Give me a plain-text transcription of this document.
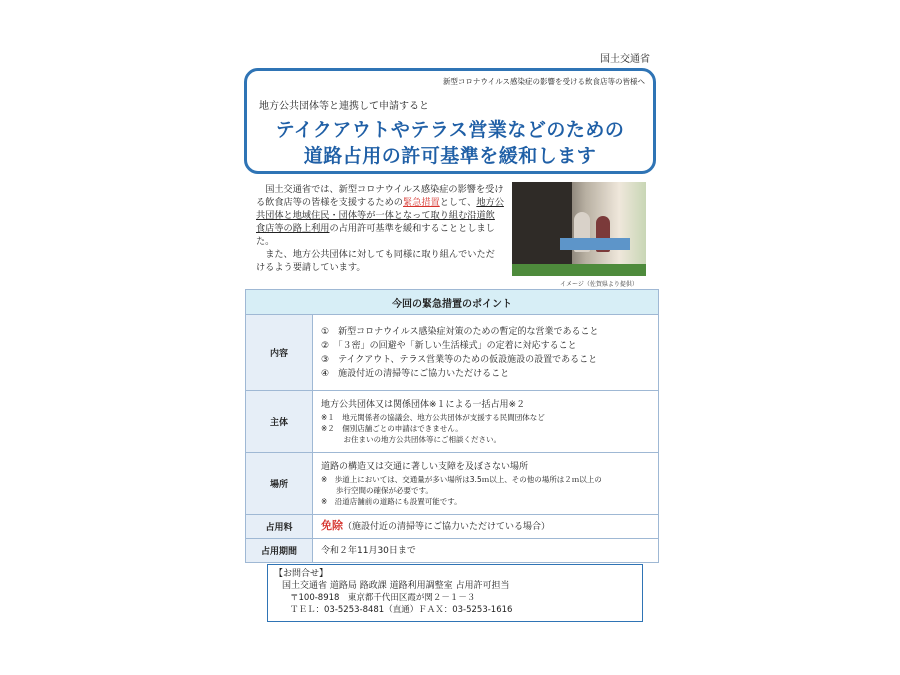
国土交通省
新型コロナウイルス感染症の影響を受ける飲食店等の皆様へ
地方公共団体等と連携して申請すると
テイクアウトやテラス営業などのための
道路占用の許可基準を緩和します

　国土交通省では、新型コロナウイルス感染症の影響を受ける飲食店等の皆様を支援するための緊急措置として、地方公共団体と地域住民・団体等が一体となって取り組む沿道飲食店等の路上利用の占用許可基準を緩和することとしました。

　また、地方公共団体に対しても同様に取り組んでいただけるよう要請しています。

イメージ（佐賀県より提供）
今回の緊急措置のポイント	
内容	①　新型コロナウイルス感染症対策のための暫定的な営業であること
②　「３密」の回避や「新しい生活様式」の定着に対応すること
③　テイクアウト、テラス営業等のための仮設施設の設置であること
④　施設付近の清掃等にご協力いただけること

主体	地方公共団体又は関係団体※１による一括占用※２
※１　地元関係者の協議会、地方公共団体が支援する民間団体など
※２　個別店舗ごとの申請はできません。
　　　お住まいの地方公共団体等にご相談ください。

場所	道路の構造又は交通に著しい支障を及ぼさない場所
※　歩道上においては、交通量が多い場所は3.5ｍ以上、その他の場所は２ｍ以上の
　　歩行空間の確保が必要です。
※　沿道店舗前の道路にも設置可能です。

占用料	免除（施設付近の清掃等にご協力いただけている場合）
占用期間	令和２年11月30日まで
【お問合せ】
国土交通省 道路局 路政課 道路利用調整室 占用許可担当
〒100-8918　東京都千代田区霞が関２－１－３
ＴＥＬ：03-5253-8481（直通）ＦＡＸ：03-5253-1616
